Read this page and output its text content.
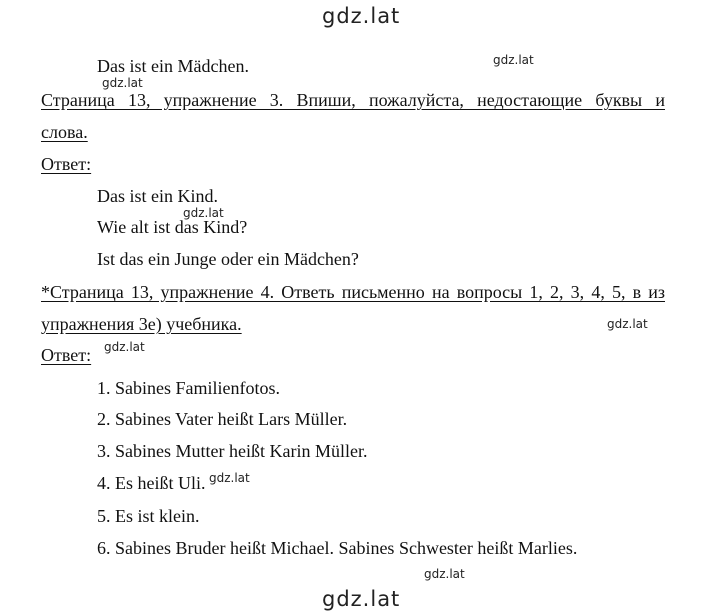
gdz.lat
Das ist ein Mädchen.	gdz.lat
gdz.lat
Страница 13, упражнение 3. Впиши, пожалуйста, недостающие буквы и
слова.
Ответ:
Das ist ein Kind.
gdz.lat
Wie alt ist das Kind?
Ist das ein Junge oder ein Mädchen?
*Страница 13, упражнение 4. Ответь письменно на вопросы 1, 2, 3, 4, 5, в из
упражнения 3e) учебника.	gdz.lat
Ответ: gdz.lat
1. Sabines Familienfotos.
2. Sabines Vater heißt Lars Müller.
3. Sabines Mutter heißt Karin Müller.
4. Es heißt Uli. gdz.lat
5. Es ist klein.
6. Sabines Bruder heißt Michael. Sabines Schwester heißt Marlies.
gdz.lat
gdz.lat
